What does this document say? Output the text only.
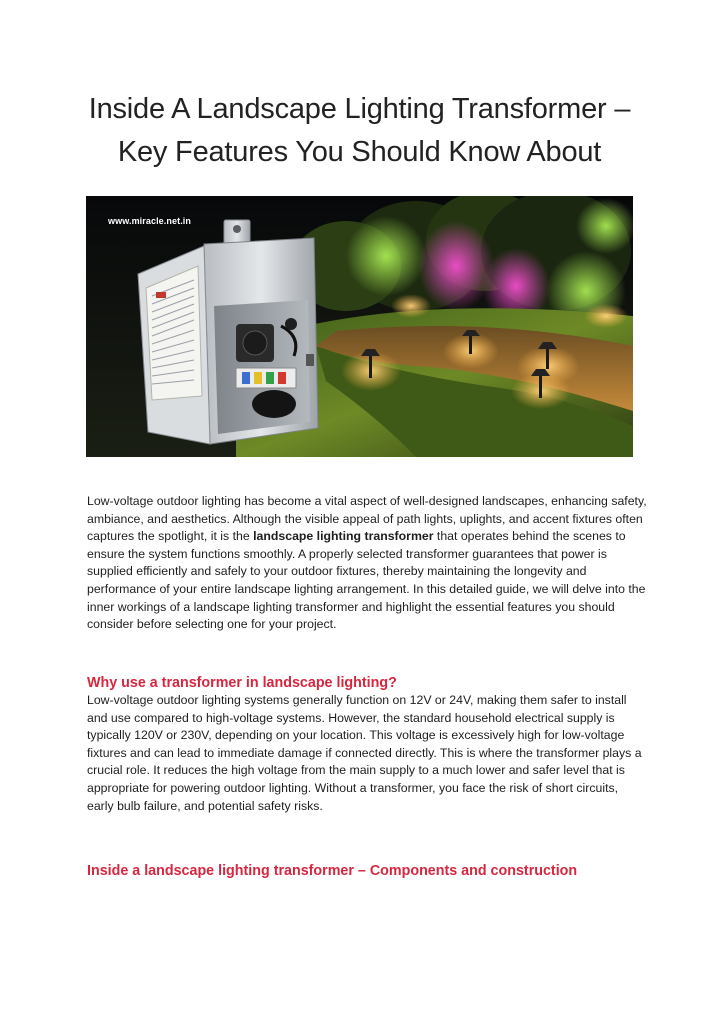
Inside A Landscape Lighting Transformer –
Key Features You Should Know About
www.miracle.net.in

Low-voltage outdoor lighting has become a vital aspect of well-designed landscapes, enhancing safety, ambiance, and aesthetics. Although the visible appeal of path lights, uplights, and accent fixtures often captures the spotlight, it is the landscape lighting transformer that operates behind the scenes to ensure the system functions smoothly. A properly selected transformer guarantees that power is supplied efficiently and safely to your outdoor fixtures, thereby maintaining the longevity and performance of your entire landscape lighting arrangement. In this detailed guide, we will delve into the inner workings of a landscape lighting transformer and highlight the essential features you should consider before selecting one for your project.

Why use a transformer in landscape lighting?

Low-voltage outdoor lighting systems generally function on 12V or 24V, making them safer to install and use compared to high-voltage systems. However, the standard household electrical supply is typically 120V or 230V, depending on your location. This voltage is excessively high for low-voltage fixtures and can lead to immediate damage if connected directly. This is where the transformer plays a crucial role. It reduces the high voltage from the main supply to a much lower and safer level that is appropriate for powering outdoor lighting. Without a transformer, you face the risk of short circuits, early bulb failure, and potential safety risks.

Inside a landscape lighting transformer – Components and construction
